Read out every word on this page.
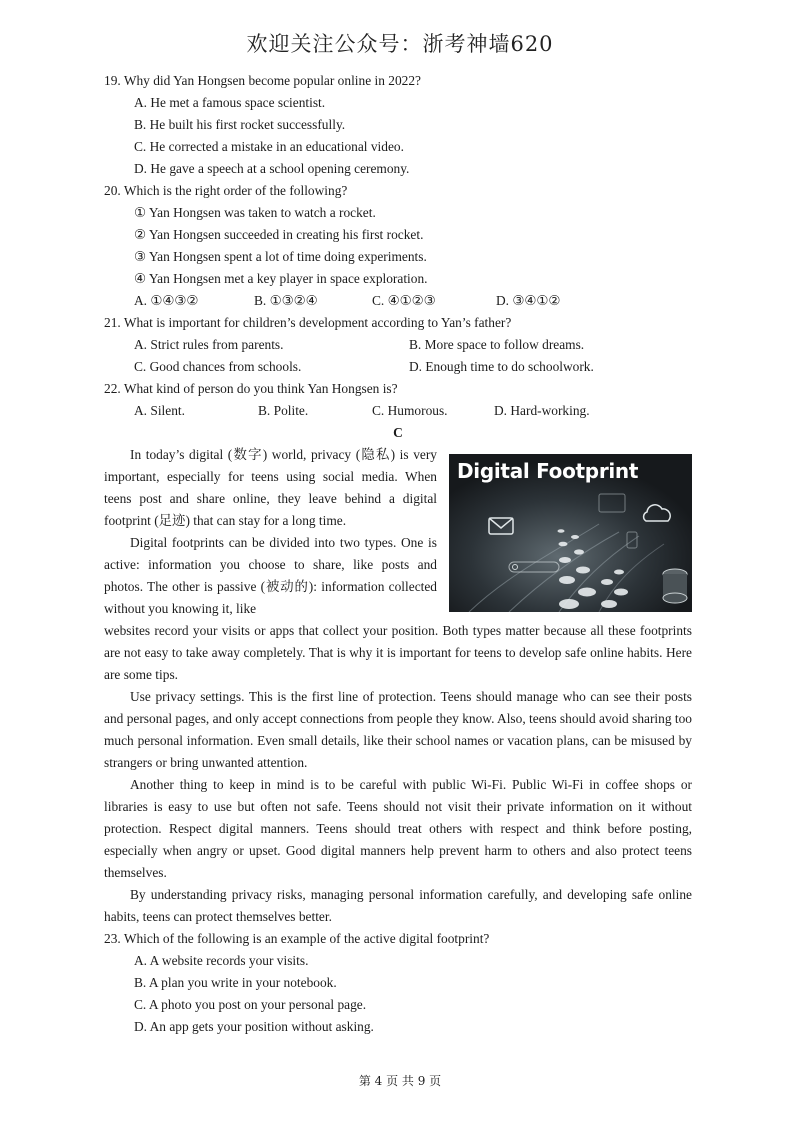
欢迎关注公众号：浙考神墙620
19. Why did Yan Hongsen become popular online in 2022?
A. He met a famous space scientist.
B. He built his first rocket successfully.
C. He corrected a mistake in an educational video.
D. He gave a speech at a school opening ceremony.
20. Which is the right order of the following?
① Yan Hongsen was taken to watch a rocket.
② Yan Hongsen succeeded in creating his first rocket.
③ Yan Hongsen spent a lot of time doing experiments.
④ Yan Hongsen met a key player in space exploration.
A. ①④③②	B. ①③②④	C. ④①②③	D. ③④①②
21. What is important for children’s development according to Yan’s father?
A. Strict rules from parents.	B. More space to follow dreams.
C. Good chances from schools.	D. Enough time to do schoolwork.
22. What kind of person do you think Yan Hongsen is?
A. Silent.	B. Polite.	C. Humorous.	D. Hard-working.
C
In today’s digital (数字) world, privacy (隐私) is very important, especially for teens using social media. When teens post and share online, they leave behind a digital footprint (足迹) that can stay for a long time.
Digital footprints can be divided into two types. One is active: information you choose to share, like posts and photos. The other is passive (被动的): information collected without you knowing it, like
websites record your visits or apps that collect your position. Both types matter because all these footprints are not easy to take away completely. That is why it is important for teens to develop safe online habits. Here are some tips.
Use privacy settings. This is the first line of protection. Teens should manage who can see their posts and personal pages, and only accept connections from people they know. Also, teens should avoid sharing too much personal information. Even small details, like their school names or vacation plans, can be misused by strangers or bring unwanted attention.
Another thing to keep in mind is to be careful with public Wi-Fi. Public Wi-Fi in coffee shops or libraries is easy to use but often not safe. Teens should not visit their private information on it without protection. Respect digital manners. Teens should treat others with respect and think before posting, especially when angry or upset. Good digital manners help prevent harm to others and also protect teens themselves.
By understanding privacy risks, managing personal information carefully, and developing safe online habits, teens can protect themselves better.
23. Which of the following is an example of the active digital footprint?
A. A website records your visits.
B. A plan you write in your notebook.
C. A photo you post on your personal page.
D. An app gets your position without asking.
Digital Footprint
第 4 页 共 9 页
